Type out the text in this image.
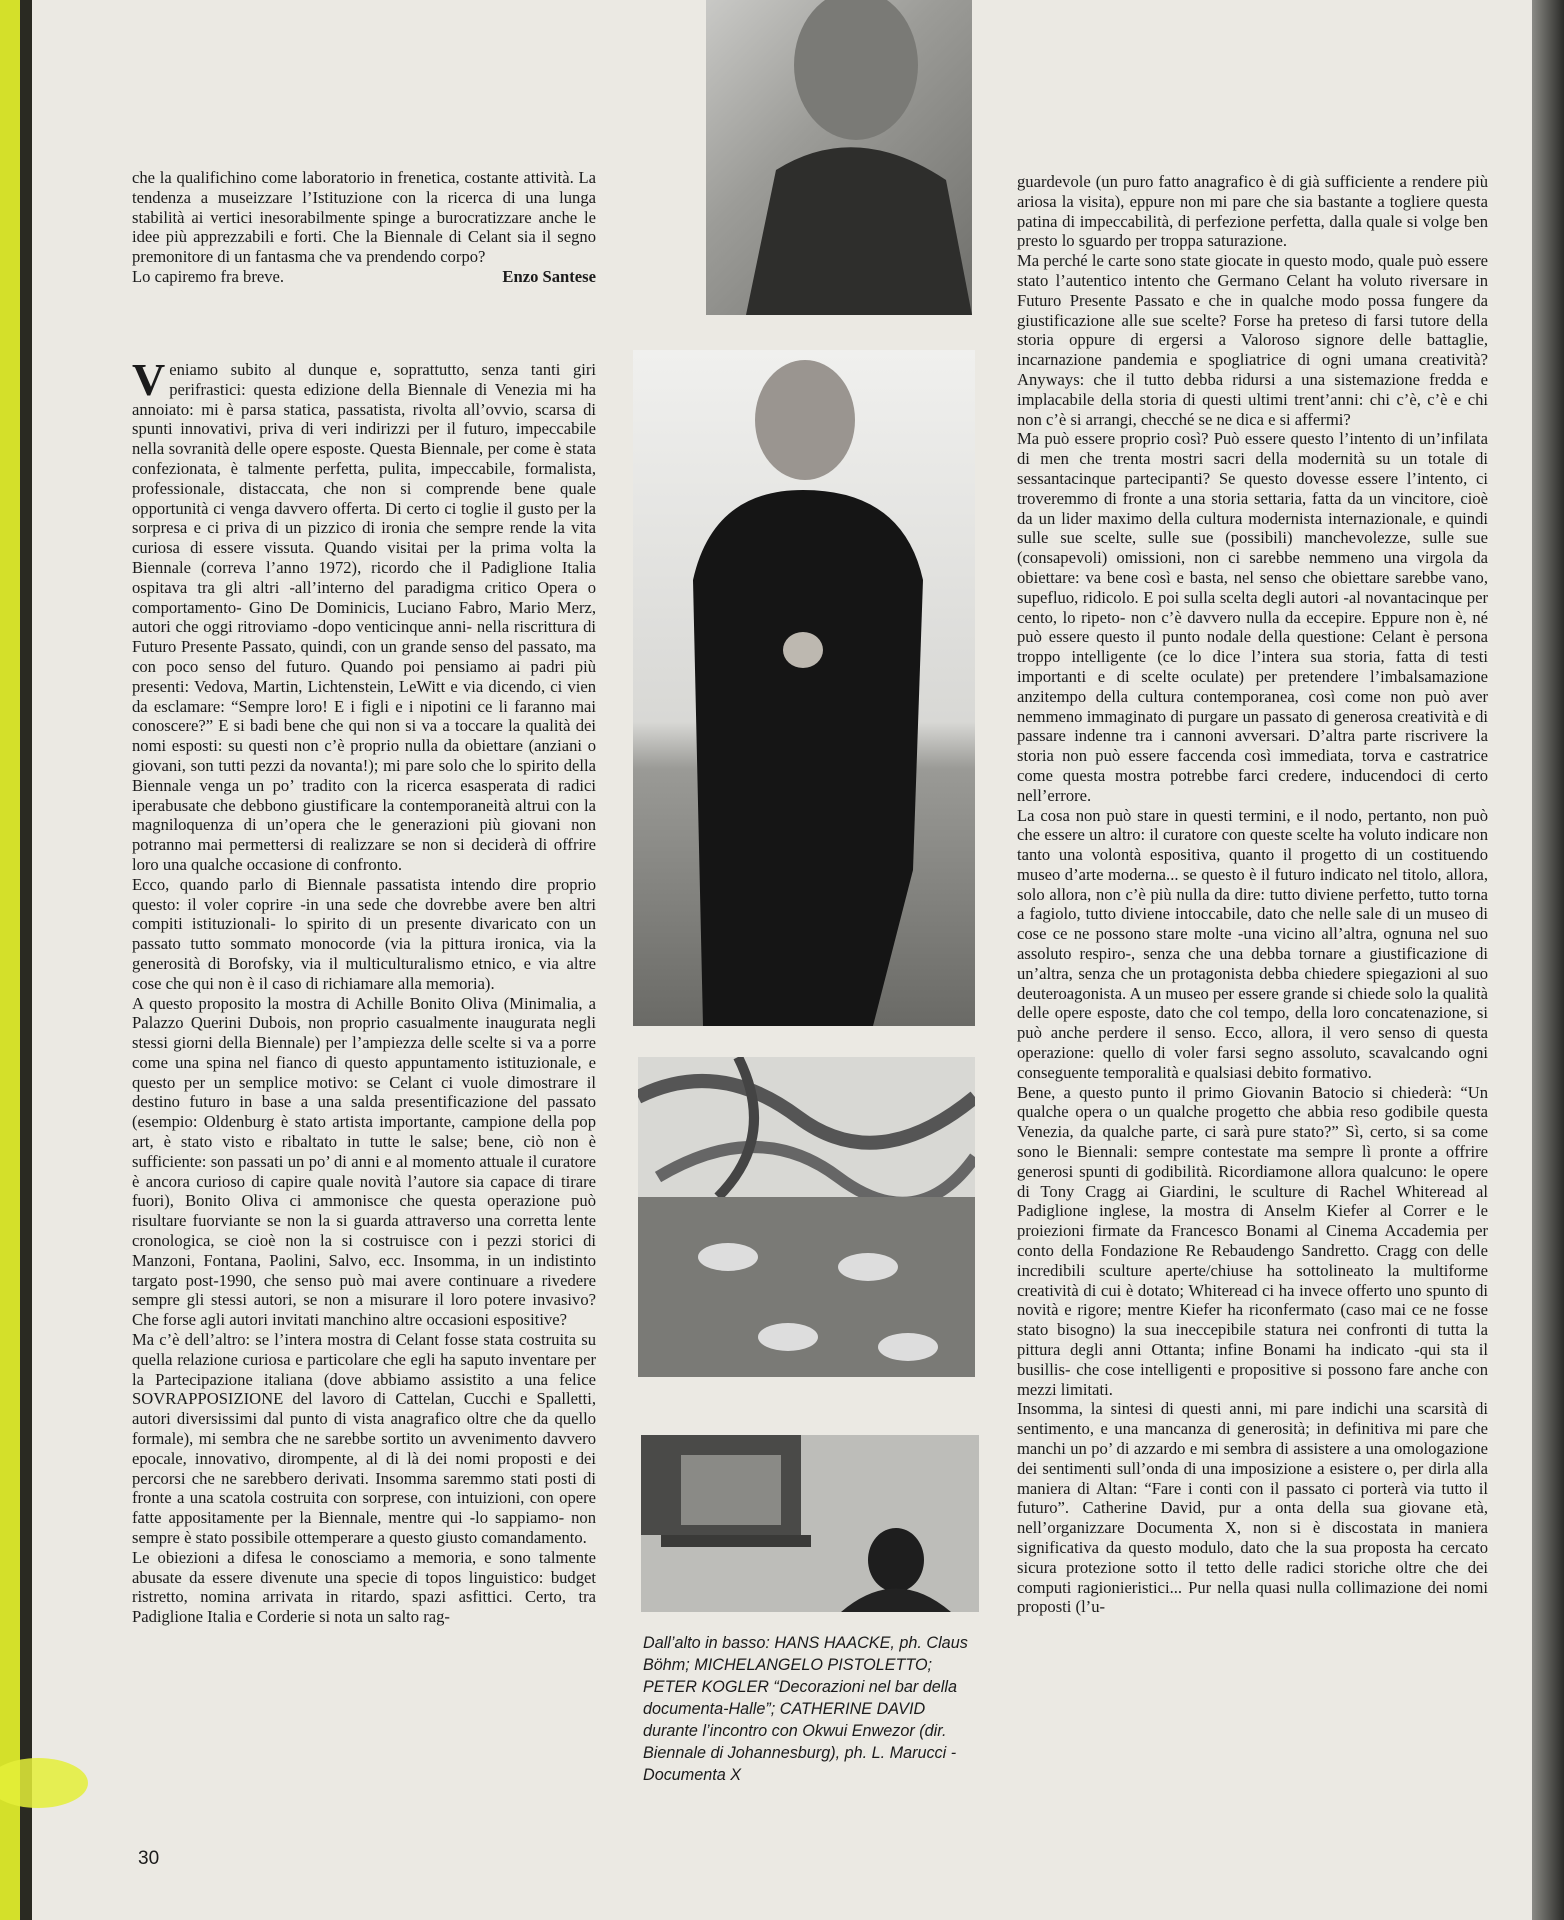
che la qualifichino come laboratorio in frenetica, costante attività. La tendenza a museizzare l’Istituzione con la ricerca di una lunga stabilità ai vertici inesorabilmente spinge a burocratizzare anche le idee più apprezzabili e forti. Che la Biennale di Celant sia il segno premonitore di un fantasma che va prendendo corpo?

Lo capiremo fra breve.	Enzo Santese

Veniamo subito al dunque e, soprattutto, senza tanti giri perifrastici: questa edizione della Biennale di Venezia mi ha annoiato: mi è parsa statica, passatista, rivolta all’ovvio, scarsa di spunti innovativi, priva di veri indirizzi per il futuro, impeccabile nella sovranità delle opere esposte. Questa Biennale, per come è stata confezionata, è talmente perfetta, pulita, impeccabile, formalista, professionale, distaccata, che non si comprende bene quale opportunità ci venga davvero offerta. Di certo ci toglie il gusto per la sorpresa e ci priva di un pizzico di ironia che sempre rende la vita curiosa di essere vissuta. Quando visitai per la prima volta la Biennale (correva l’anno 1972), ricordo che il Padiglione Italia ospitava tra gli altri -all’interno del paradigma critico Opera o comportamento- Gino De Dominicis, Luciano Fabro, Mario Merz, autori che oggi ritroviamo -dopo venticinque anni- nella riscrittura di Futuro Presente Passato, quindi, con un grande senso del passato, ma con poco senso del futuro. Quando poi pensiamo ai padri più presenti: Vedova, Martin, Lichtenstein, LeWitt e via dicendo, ci vien da esclamare: “Sempre loro! E i figli e i nipotini ce li faranno mai conoscere?” E si badi bene che qui non si va a toccare la qualità dei nomi esposti: su questi non c’è proprio nulla da obiettare (anziani o giovani, son tutti pezzi da novanta!); mi pare solo che lo spirito della Biennale venga un po’ tradito con la ricerca esasperata di radici iperabusate che debbono giustificare la contemporaneità altrui con la magniloquenza di un’opera che le generazioni più giovani non potranno mai permettersi di realizzare se non si deciderà di offrire loro una qualche occasione di confronto.

Ecco, quando parlo di Biennale passatista intendo dire proprio questo: il voler coprire -in una sede che dovrebbe avere ben altri compiti istituzionali- lo spirito di un presente divaricato con un passato tutto sommato monocorde (via la pittura ironica, via la generosità di Borofsky, via il multiculturalismo etnico, e via altre cose che qui non è il caso di richiamare alla memoria).

A questo proposito la mostra di Achille Bonito Oliva (Minimalia, a Palazzo Querini Dubois, non proprio casualmente inaugurata negli stessi giorni della Biennale) per l’ampiezza delle scelte si va a porre come una spina nel fianco di questo appuntamento istituzionale, e questo per un semplice motivo: se Celant ci vuole dimostrare il destino futuro in base a una salda presentificazione del passato (esempio: Oldenburg è stato artista importante, campione della pop art, è stato visto e ribaltato in tutte le salse; bene, ciò non è sufficiente: son passati un po’ di anni e al momento attuale il curatore è ancora curioso di capire quale novità l’autore sia capace di tirare fuori), Bonito Oliva ci ammonisce che questa operazione può risultare fuorviante se non la si guarda attraverso una corretta lente cronologica, se cioè non la si costruisce con i pezzi storici di Manzoni, Fontana, Paolini, Salvo, ecc. Insomma, in un indistinto targato post-1990, che senso può mai avere continuare a rivedere sempre gli stessi autori, se non a misurare il loro potere invasivo? Che forse agli autori invitati manchino altre occasioni espositive?

Ma c’è dell’altro: se l’intera mostra di Celant fosse stata costruita su quella relazione curiosa e particolare che egli ha saputo inventare per la Partecipazione italiana (dove abbiamo assistito a una felice SOVRAPPOSIZIONE del lavoro di Cattelan, Cucchi e Spalletti, autori diversissimi dal punto di vista anagrafico oltre che da quello formale), mi sembra che ne sarebbe sortito un avvenimento davvero epocale, innovativo, dirompente, al di là dei nomi proposti e dei percorsi che ne sarebbero derivati. Insomma saremmo stati posti di fronte a una scatola costruita con sorprese, con intuizioni, con opere fatte appositamente per la Biennale, mentre qui -lo sappiamo- non sempre è stato possibile ottemperare a questo giusto comandamento.

Le obiezioni a difesa le conosciamo a memoria, e sono talmente abusate da essere divenute una specie di topos linguistico: budget ristretto, nomina arrivata in ritardo, spazi asfittici. Certo, tra Padiglione Italia e Corderie si nota un salto rag-

Dall’alto in basso: HANS HAACKE, ph. Claus Böhm; MICHELANGELO PISTOLETTO; PETER KOGLER “Decorazioni nel bar della documenta-Halle”; CATHERINE DAVID durante l’incontro con Okwui Enwezor (dir. Biennale di Johannesburg), ph. L. Marucci - Documenta X

guardevole (un puro fatto anagrafico è di già sufficiente a rendere più ariosa la visita), eppure non mi pare che sia bastante a togliere questa patina di impeccabilità, di perfezione perfetta, dalla quale si volge ben presto lo sguardo per troppa saturazione.

Ma perché le carte sono state giocate in questo modo, quale può essere stato l’autentico intento che Germano Celant ha voluto riversare in Futuro Presente Passato e che in qualche modo possa fungere da giustificazione alle sue scelte? Forse ha preteso di farsi tutore della storia oppure di ergersi a Valoroso signore delle battaglie, incarnazione pandemia e spogliatrice di ogni umana creatività? Anyways: che il tutto debba ridursi a una sistemazione fredda e implacabile della storia di questi ultimi trent’anni: chi c’è, c’è e chi non c’è si arrangi, checché se ne dica e si affermi?

Ma può essere proprio così? Può essere questo l’intento di un’infilata di men che trenta mostri sacri della modernità su un totale di sessantacinque partecipanti? Se questo dovesse essere l’intento, ci troveremmo di fronte a una storia settaria, fatta da un vincitore, cioè da un lider maximo della cultura modernista internazionale, e quindi sulle sue scelte, sulle sue (possibili) manchevolezze, sulle sue (consapevoli) omissioni, non ci sarebbe nemmeno una virgola da obiettare: va bene così e basta, nel senso che obiettare sarebbe vano, supefluo, ridicolo. E poi sulla scelta degli autori -al novantacinque per cento, lo ripeto- non c’è davvero nulla da eccepire. Eppure non è, né può essere questo il punto nodale della questione: Celant è persona troppo intelligente (ce lo dice l’intera sua storia, fatta di testi importanti e di scelte oculate) per pretendere l’imbalsamazione anzitempo della cultura contemporanea, così come non può aver nemmeno immaginato di purgare un passato di generosa creatività e di passare indenne tra i cannoni avversari. D’altra parte riscrivere la storia non può essere faccenda così immediata, torva e castratrice come questa mostra potrebbe farci credere, inducendoci di certo nell’errore.

La cosa non può stare in questi termini, e il nodo, pertanto, non può che essere un altro: il curatore con queste scelte ha voluto indicare non tanto una volontà espositiva, quanto il progetto di un costituendo museo d’arte moderna... se questo è il futuro indicato nel titolo, allora, solo allora, non c’è più nulla da dire: tutto diviene perfetto, tutto torna a fagiolo, tutto diviene intoccabile, dato che nelle sale di un museo di cose ce ne possono stare molte -una vicino all’altra, ognuna nel suo assoluto respiro-, senza che una debba tornare a giustificazione di un’altra, senza che un protagonista debba chiedere spiegazioni al suo deuteroagonista. A un museo per essere grande si chiede solo la qualità delle opere esposte, dato che col tempo, della loro concatenazione, si può anche perdere il senso. Ecco, allora, il vero senso di questa operazione: quello di voler farsi segno assoluto, scavalcando ogni conseguente temporalità e qualsiasi debito formativo.

Bene, a questo punto il primo Giovanin Batocio si chiederà: “Un qualche opera o un qualche progetto che abbia reso godibile questa Venezia, da qualche parte, ci sarà pure stato?” Sì, certo, si sa come sono le Biennali: sempre contestate ma sempre lì pronte a offrire generosi spunti di godibilità. Ricordiamone allora qualcuno: le opere di Tony Cragg ai Giardini, le sculture di Rachel Whiteread al Padiglione inglese, la mostra di Anselm Kiefer al Correr e le proiezioni firmate da Francesco Bonami al Cinema Accademia per conto della Fondazione Re Rebaudengo Sandretto. Cragg con delle incredibili sculture aperte/chiuse ha sottolineato la multiforme creatività di cui è dotato; Whiteread ci ha invece offerto uno spunto di novità e rigore; mentre Kiefer ha riconfermato (caso mai ce ne fosse stato bisogno) la sua ineccepibile statura nei confronti di tutta la pittura degli anni Ottanta; infine Bonami ha indicato -qui sta il busillis- che cose intelligenti e propositive si possono fare anche con mezzi limitati.

Insomma, la sintesi di questi anni, mi pare indichi una scarsità di sentimento, e una mancanza di generosità; in definitiva mi pare che manchi un po’ di azzardo e mi sembra di assistere a una omologazione dei sentimenti sull’onda di una imposizione a esistere o, per dirla alla maniera di Altan: “Fare i conti con il passato ci porterà via tutto il futuro”. Catherine David, pur a onta della sua giovane età, nell’organizzare Documenta X, non si è discostata in maniera significativa da questo modulo, dato che la sua proposta ha cercato sicura protezione sotto il tetto delle radici storiche oltre che dei computi ragionieristici... Pur nella quasi nulla collimazione dei nomi proposti (l’u-

30
